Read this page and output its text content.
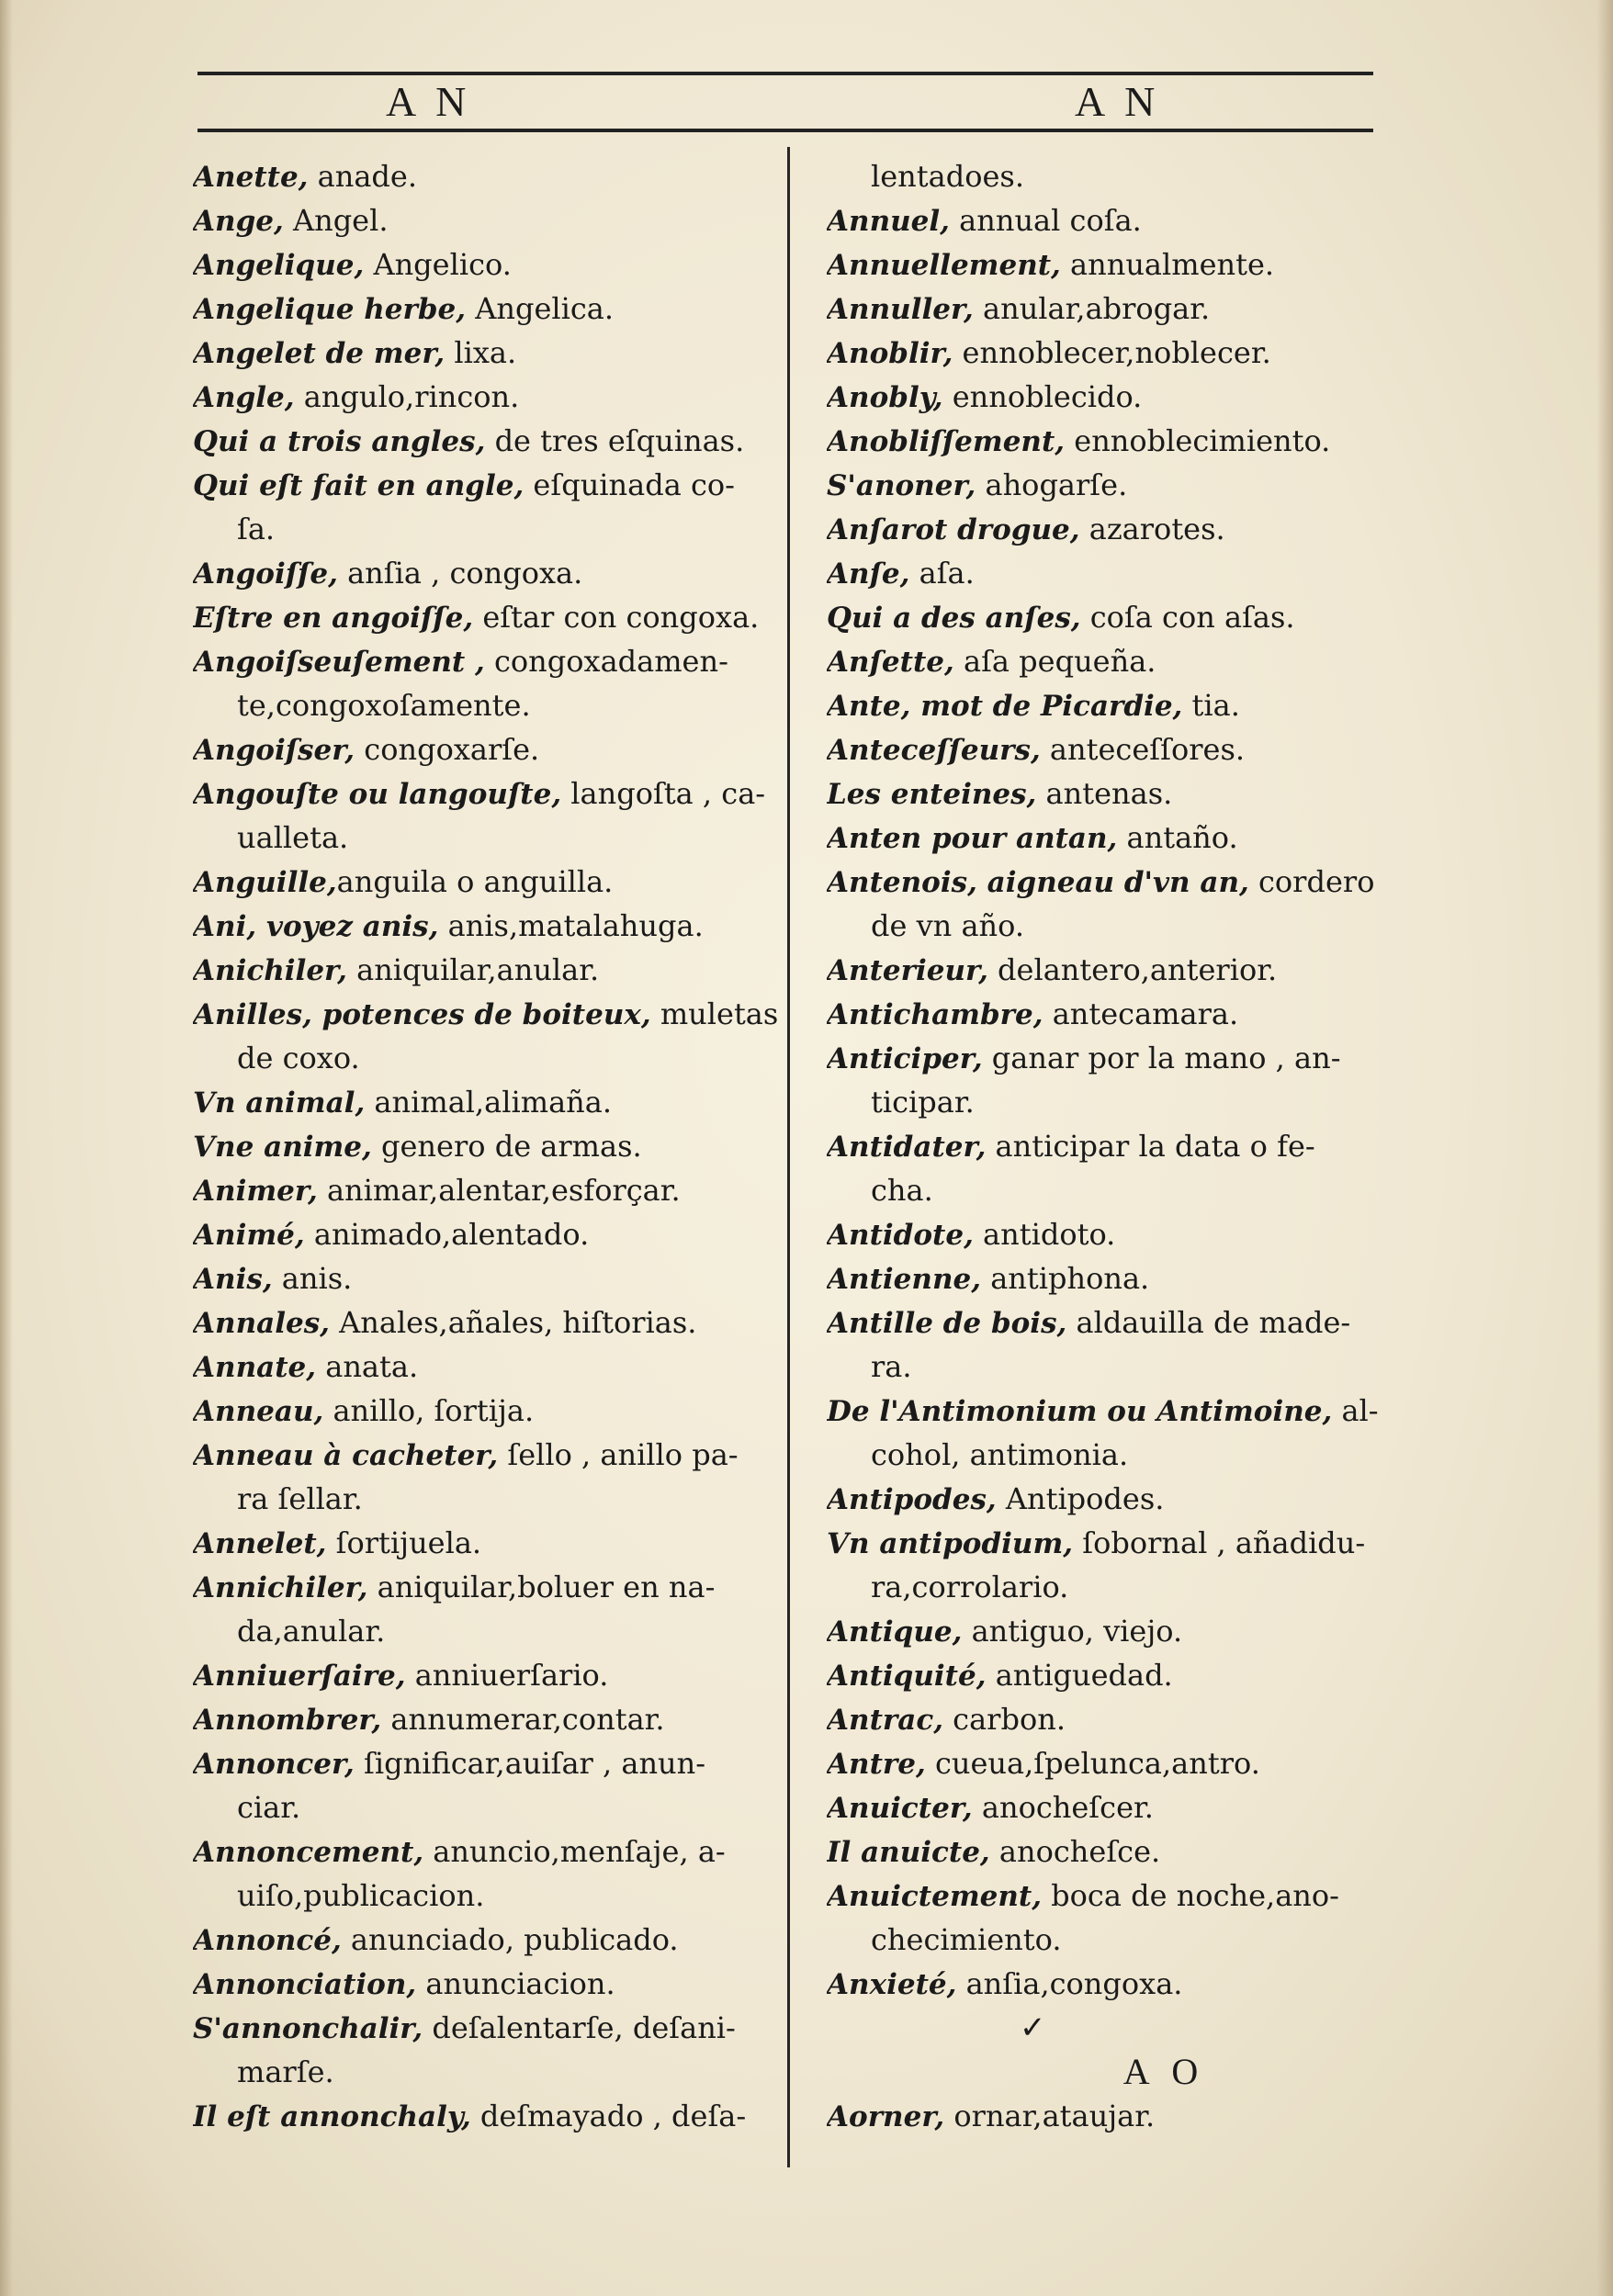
A N	A N
Anette, anade.
Ange, Angel.
Angelique, Angelico.
Angelique herbe, Angelica.
Angelet de mer, lixa.
Angle, angulo,rincon.
Qui a trois angles, de tres eſquinas.
Qui eſt fait en angle, eſquinada co-
ſa.
Angoiſſe, anſia , congoxa.
Eſtre en angoiſſe, eſtar con congoxa.
Angoiſseuſement , congoxadamen-
te,congoxoſamente.
Angoiſser, congoxarſe.
Angouſte ou langouſte, langoſta , ca-
ualleta.
Anguille,anguila o anguilla.
Ani, voyez anis, anis,matalahuga.
Anichiler, aniquilar,anular.
Anilles, potences de boiteux, muletas
de coxo.
Vn animal, animal,alimaña.
Vne anime, genero de armas.
Animer, animar,alentar,esforçar.
Animé, animado,alentado.
Anis, anis.
Annales, Anales,añales, hiſtorias.
Annate, anata.
Anneau, anillo, ſortija.
Anneau à cacheter, ſello , anillo pa-
ra ſellar.
Annelet, ſortijuela.
Annichiler, aniquilar,boluer en na-
da,anular.
Anniuerſaire, anniuerſario.
Annombrer, annumerar,contar.
Annoncer, ſignificar,auiſar , anun-
ciar.
Annoncement, anuncio,menſaje, a-
uiſo,publicacion.
Annoncé, anunciado, publicado.
Annonciation, anunciacion.
S'annonchalir, deſalentarſe, deſani-
marſe.
Il eſt annonchaly, deſmayado , deſa-
lentadoes.
Annuel, annual coſa.
Annuellement, annualmente.
Annuller, anular,abrogar.
Anoblir, ennoblecer,noblecer.
Anobly, ennoblecido.
Anobliſſement, ennoblecimiento.
S'anoner, ahogarſe.
Anſarot drogue, azarotes.
Anſe, aſa.
Qui a des anſes, coſa con aſas.
Anſette, aſa pequeña.
Ante, mot de Picardie, tia.
Anteceſſeurs, anteceſſores.
Les enteines, antenas.
Anten pour antan, antaño.
Antenois, aigneau d'vn an, cordero
de vn año.
Anterieur, delantero,anterior.
Antichambre, antecamara.
Anticiper, ganar por la mano , an-
ticipar.
Antidater, anticipar la data o fe-
cha.
Antidote, antidoto.
Antienne, antiphona.
Antille de bois, aldauilla de made-
ra.
De l'Antimonium ou Antimoine, al-
cohol, antimonia.
Antipodes, Antipodes.
Vn antipodium, ſobornal , añadidu-
ra,corrolario.
Antique, antiguo, viejo.
Antiquité, antiguedad.
Antrac, carbon.
Antre, cueua,ſpelunca,antro.
Anuicter, anocheſcer.
Il anuicte, anocheſce.
Anuictement, boca de noche,ano-
checimiento.
Anxieté, anſia,congoxa.
✓
A O
Aorner, ornar,ataujar.
